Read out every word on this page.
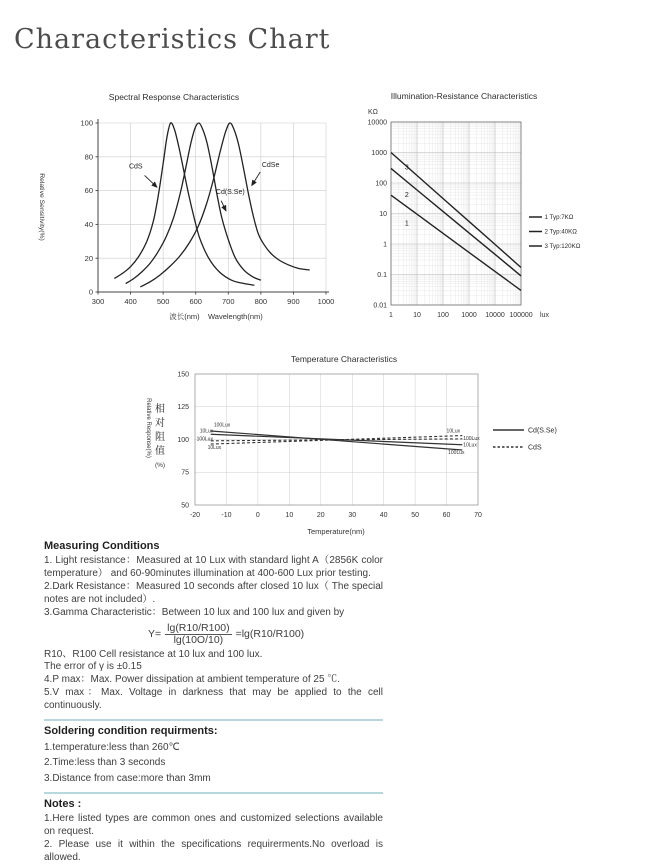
Characteristics Chart
Spectral Response Characteristics
300	400	500	600	700	800	900 1000
0
20
40
60
80
100
波长(nm)    Wavelength(nm)
Relative Sensitivity(%)
CdS	CdSe
Cd(S.Se)
Illumination-Resistance Characteristics
KΩ
10000
1000
100
10
1
0.1
0.01
1	10 100 1000 10000 100000 lux
1
2
3
1 Typ:7KΩ
2 Typ:40KΩ
3 Typ:120KΩ
Temperature Characteristics
-20	-10	0	10	20	30	40	50	60	70
50
75
100
125
150
Temperature(nm)
Relative Response(%) 相
对
阻
值
(%)
100Lux
10Lux
100Lux
10Lux
10Lux
100Lux
10Lux
100Lux
Cd(S.Se)
CdS
Measuring Conditions

1. Light resistance：Measured at 10 Lux with standard light A（2856K color temperature） and 60-90minutes illumination at 400-600 Lux prior testing.

2.Dark Resistance：Measured 10 seconds after closed 10 lux（ The special notes are not included）.

3.Gamma Characteristic：Between 10 lux and 100 lux and given by

$Y= \frac{\lg(R10/R100)}{\lg(10O/10)} =\lg(R10/R100)$

R10、R100 Cell resistance at 10 lux and 100 lux.

The error of γ is ±0.15

4.P max：Max. Power dissipation at ambient temperature of 25 ℃.

5.V max：Max. Voltage in darkness that may be applied to the cell continuously.

Soldering condition requirments:

1.temperature:less than 260℃

2.Time:less than 3 seconds

3.Distance from case:more than 3mm

Notes :

1.Here listed types are common ones and customized selections available on request.

2. Please use it within the specifications requirerments.No overload is allowed.
